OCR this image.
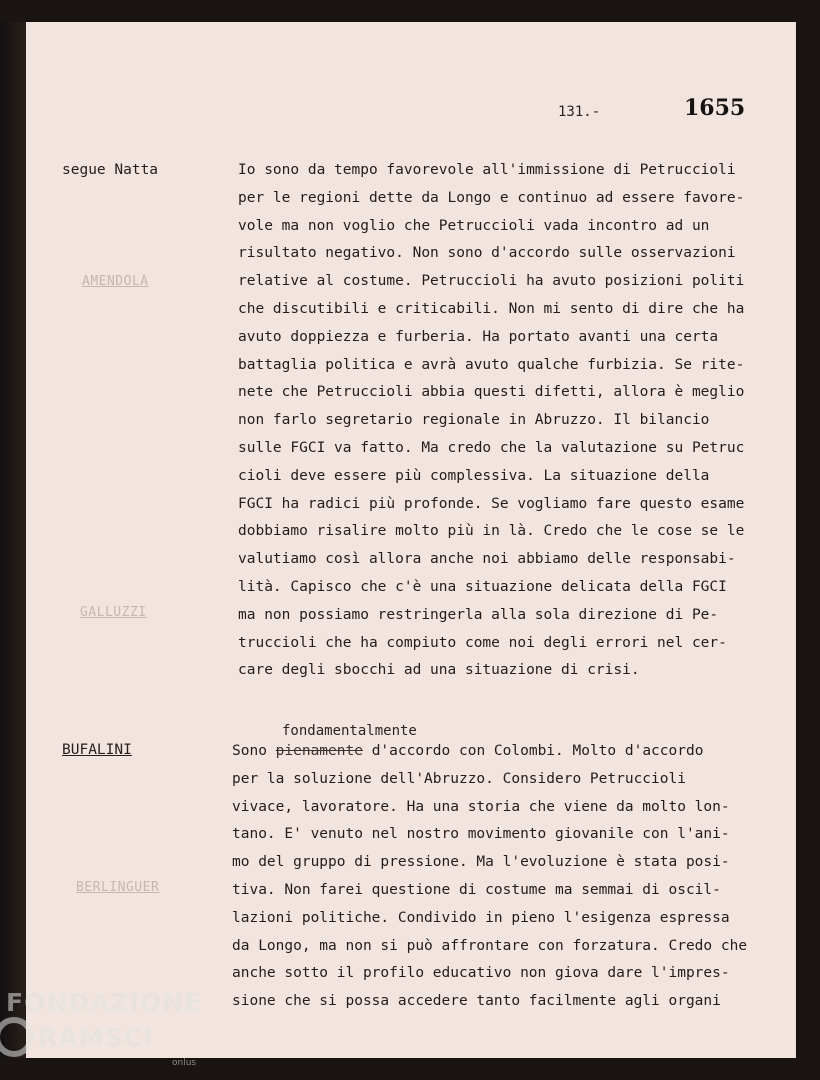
131.-	1655
AMENDOLA
GALLUZZI
BERLINGUER
segue Natta	Io sono da tempo favorevole all'immissione di Petruccioli
per le regioni dette da Longo e continuo ad essere favore-
vole ma non voglio che Petruccioli vada incontro ad un
risultato negativo. Non sono d'accordo sulle osservazioni
relative al costume. Petruccioli ha avuto posizioni politi
che discutibili e criticabili. Non mi sento di dire che ha
avuto doppiezza e furberia. Ha portato avanti una certa
battaglia politica e avrà avuto qualche furbizia. Se rite-
nete che Petruccioli abbia questi difetti, allora è meglio
non farlo segretario regionale in Abruzzo. Il bilancio
sulle FGCI va fatto. Ma credo che la valutazione su Petruc
cioli deve essere più complessiva. La situazione della
FGCI ha radici più profonde. Se vogliamo fare questo esame
dobbiamo risalire molto più in là. Credo che le cose se le
valutiamo così allora anche noi abbiamo delle responsabi-
lità. Capisco che c'è una situazione delicata della FGCI
ma non possiamo restringerla alla sola direzione di Pe-
truccioli che ha compiuto come noi degli errori nel cer-
care degli sbocchi ad una situazione di crisi.
BUFALINI
fondamentalmente
Sono pienamente d'accordo con Colombi. Molto d'accordo
per la soluzione dell'Abruzzo. Considero Petruccioli
vivace, lavoratore. Ha una storia che viene da molto lon-
tano. E' venuto nel nostro movimento giovanile con l'ani-
mo del gruppo di pressione. Ma l'evoluzione è stata posi-
tiva. Non farei questione di costume ma semmai di oscil-
lazioni politiche. Condivido in pieno l'esigenza espressa
da Longo, ma non si può affrontare con forzatura. Credo che
anche sotto il profilo educativo non giova dare l'impres-
sione che si possa accedere tanto facilmente agli organi
FONDAZIONE
RAMSCI
onlus
